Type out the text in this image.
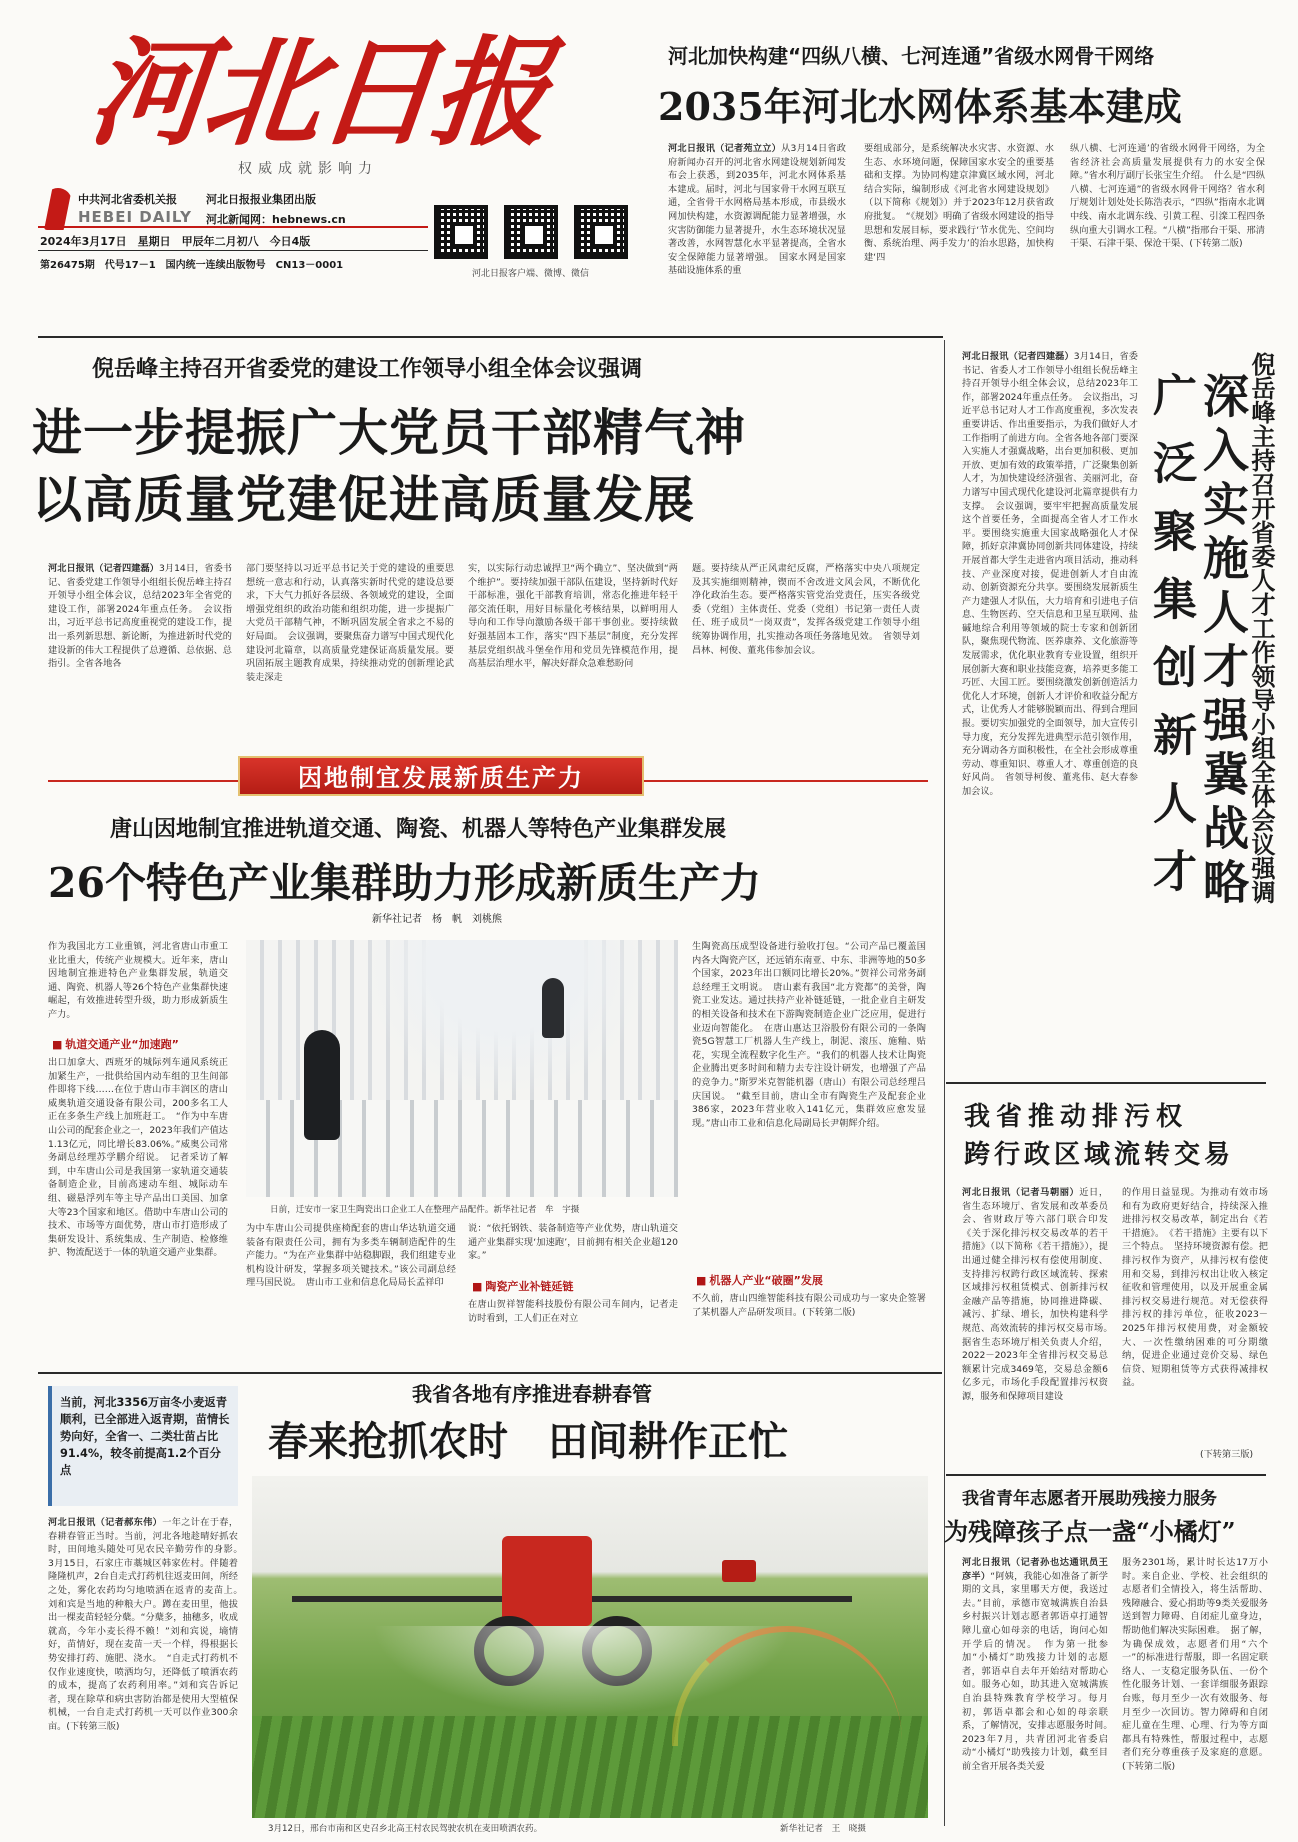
河北日报
权威成就影响力
中共河北省委机关报	河北日报报业集团出版
HEBEI DAILY 河北新闻网：hebnews.cn
2024年3月17日　星期日　甲辰年二月初八　今日4版
第26475期　代号17－1　国内统一连续出版物号　CN13－0001
河北日报客户端、微博、微信
河北加快构建“四纵八横、七河连通”省级水网骨干网络
2035年河北水网体系基本建成
河北日报讯（记者苑立立）从3月14日省政府新闻办召开的河北省水网建设规划新闻发布会上获悉，到2035年，河北水网体系基本建成。届时，河北与国家骨干水网互联互通，全省骨干水网格局基本形成，市县级水网加快构建，水资源调配能力显著增强，水灾害防御能力显著提升，水生态环境状况显著改善，水网智慧化水平显著提高，全省水安全保障能力显著增强。　国家水网是国家基础设施体系的重
要组成部分，是系统解决水灾害、水资源、水生态、水环境问题，保障国家水安全的重要基础和支撑。为协同构建京津冀区域水网，河北结合实际，编制形成《河北省水网建设规划》（以下简称《规划》）并于2023年12月获省政府批复。　“《规划》明确了省级水网建设的指导思想和发展目标，要求践行‘节水优先、空间均衡、系统治理、两手发力’的治水思路，加快构建‘四
纵八横、七河连通’的省级水网骨干网络，为全省经济社会高质量发展提供有力的水安全保障。”省水利厅副厅长张宝生介绍。　什么是“四纵八横、七河连通”的省级水网骨干网络？省水利厅规划计划处处长陈浩表示，“四纵”指南水北调中线、南水北调东线、引黄工程、引滦工程四条纵向重大引调水工程。“八横”指邢台干渠、邢清干渠、石津干渠、保沧干渠、(下转第二版)
倪岳峰主持召开省委党的建设工作领导小组全体会议强调
进一步提振广大党员干部精气神
以高质量党建促进高质量发展
河北日报讯（记者四建磊）3月14日，省委书记、省委党建工作领导小组组长倪岳峰主持召开领导小组全体会议，总结2023年全省党的建设工作，部署2024年重点任务。　会议指出，习近平总书记高度重视党的建设工作，提出一系列新思想、新论断，为推进新时代党的建设新的伟大工程提供了总遵循、总依据、总指引。全省各地各
部门要坚持以习近平总书记关于党的建设的重要思想统一意志和行动，认真落实新时代党的建设总要求，下大气力抓好各层级、各领域党的建设，全面增强党组织的政治功能和组织功能，进一步提振广大党员干部精气神，不断巩固发展全省求之不易的好局面。　会议强调，要聚焦奋力谱写中国式现代化建设河北篇章，以高质量党建保证高质量发展。要巩固拓展主题教育成果，持续推动党的创新理论武装走深走
实，以实际行动忠诚捍卫“两个确立”、坚决做到“两个维护”。要持续加强干部队伍建设，坚持新时代好干部标准，强化干部教育培训，常态化推进年轻干部交流任职，用好目标量化考核结果，以鲜明用人导向和工作导向激励各级干部干事创业。要持续做好强基固本工作，落实“四下基层”制度，充分发挥基层党组织战斗堡垒作用和党员先锋模范作用，提高基层治理水平，解决好群众急难愁盼问
题。要持续从严正风肃纪反腐，严格落实中央八项规定及其实施细则精神，锲而不舍改进文风会风，不断优化净化政治生态。要严格落实管党治党责任，压实各级党委（党组）主体责任、党委（党组）书记第一责任人责任、班子成员“一岗双责”，发挥各级党建工作领导小组统筹协调作用，扎实推动各项任务落地见效。　省领导刘昌林、柯俊、董兆伟参加会议。
河北日报讯（记者四建磊）3月14日，省委书记、省委人才工作领导小组组长倪岳峰主持召开领导小组全体会议，总结2023年工作，部署2024年重点任务。　会议指出，习近平总书记对人才工作高度重视，多次发表重要讲话、作出重要指示，为我们做好人才工作指明了前进方向。全省各地各部门要深入实施人才强冀战略，出台更加积极、更加开放、更加有效的政策举措，广泛聚集创新人才，为加快建设经济强省、美丽河北，奋力谱写中国式现代化建设河北篇章提供有力支撑。　会议强调，要牢牢把握高质量发展这个首要任务，全面提高全省人才工作水平。要围绕实施重大国家战略强化人才保障，抓好京津冀协同创新共同体建设，持续开展首都大学生走进省内项目活动，推动科技、产业深度对接，促进创新人才自由流动、创新资源充分共享。要围绕发展新质生产力建强人才队伍，大力培育和引进电子信息、生物医药、空天信息和卫星互联网、盐碱地综合利用等领域的院士专家和创新团队，聚焦现代物流、医养康养、文化旅游等发展需求，优化职业教育专业设置，组织开展创新大赛和职业技能竞赛，培养更多能工巧匠、大国工匠。要围绕激发创新创造活力优化人才环境，创新人才评价和收益分配方式，让优秀人才能够脱颖而出、得到合理回报。要切实加强党的全面领导，加大宣传引导力度，充分发挥先进典型示范引领作用，充分调动各方面积极性，在全社会形成尊重劳动、尊重知识、尊重人才、尊重创造的良好风尚。　省领导柯俊、董兆伟、赵大春参加会议。	广泛聚集创新人才 深入实施人才强冀战略
倪岳峰主持召开省委人才工作领导小组全体会议强调
因地制宜发展新质生产力
唐山因地制宜推进轨道交通、陶瓷、机器人等特色产业集群发展
26个特色产业集群助力形成新质生产力
新华社记者　杨　帆　刘桃熊
作为我国北方工业重镇，河北省唐山市重工业比重大，传统产业规模大。近年来，唐山因地制宜推进特色产业集群发展，轨道交通、陶瓷、机器人等26个特色产业集群快速崛起，有效推进转型升级，助力形成新质生产力。
■ 轨道交通产业“加速跑”
出口加拿大、西班牙的城际列车通风系统正加紧生产，一批供给国内动车组的卫生间部件即将下线……在位于唐山市丰润区的唐山威奥轨道交通设备有限公司，200多名工人正在多条生产线上加班赶工。　“作为中车唐山公司的配套企业之一，2023年我们产值达1.13亿元，同比增长83.06%。”威奥公司常务副总经理苏学鹏介绍说。　记者采访了解到，中车唐山公司是我国第一家轨道交通装备制造企业，目前高速动车组、城际动车组、磁悬浮列车等主导产品出口美国、加拿大等23个国家和地区。借助中车唐山公司的技术、市场等方面优势，唐山市打造形成了集研发设计、系统集成、生产制造、检修维护、物流配送于一体的轨道交通产业集群。
日前，迁安市一家卫生陶瓷出口企业工人在整理产品配件。新华社记者　牟　宇摄
为中车唐山公司提供座椅配套的唐山华达轨道交通装备有限责任公司，拥有为多类车辆制造配件的生产能力。“为在产业集群中站稳脚跟，我们组建专业机构设计研发，掌握多项关键技术。”该公司副总经理马国民说。　唐山市工业和信息化局局长孟祥印
说：“依托钢铁、装备制造等产业优势，唐山轨道交通产业集群实现‘加速跑’，目前拥有相关企业超120家。”
■ 陶瓷产业补链延链
在唐山贺祥智能科技股份有限公司车间内，记者走访时看到，工人们正在对立
生陶瓷高压成型设备进行验收打包。“公司产品已覆盖国内各大陶瓷产区，还远销东南亚、中东、非洲等地的50多个国家，2023年出口额同比增长20%。”贺祥公司常务副总经理王文明说。　唐山素有我国“北方瓷都”的美誉，陶瓷工业发达。通过扶持产业补链延链，一批企业自主研发的相关设备和技术在下游陶瓷制造企业广泛应用，促进行业迈向智能化。　在唐山惠达卫浴股份有限公司的一条陶瓷5G智慧工厂机器人生产线上，制泥、滚压、施釉、贴花，实现全流程数字化生产。“我们的机器人技术让陶瓷企业腾出更多时间和精力去专注设计研发，也增强了产品的竞争力。”斯罗米克智能机器（唐山）有限公司总经理吕庆国说。　“截至目前，唐山全市有陶瓷生产及配套企业386家，2023年营业收入141亿元，集群效应愈发显现。”唐山市工业和信息化局副局长尹朝辉介绍。
■ 机器人产业“破圈”发展
不久前，唐山四维智能科技有限公司成功与一家央企签署了某机器人产品研发项目。(下转第二版)
我省推动排污权
跨行政区域流转交易
河北日报讯（记者马朝丽）近日，省生态环境厅、省发展和改革委员会、省财政厅等六部门联合印发《关于深化排污权交易改革的若干措施》（以下简称《若干措施》），提出通过健全排污权有偿使用制度、支持排污权跨行政区域流转、探索区域排污权租赁模式、创新排污权金融产品等措施，协同推进降碳、减污、扩绿、增长，加快构建科学规范、高效流转的排污权交易市场。　据省生态环境厅相关负责人介绍，2022－2023年全省排污权交易总额累计完成3469笔，交易总金额6亿多元，市场化手段配置排污权资源，服务和保障项目建设
的作用日益显现。为推动有效市场和有为政府更好结合，持续深入推进排污权交易改革，制定出台《若干措施》。　《若干措施》主要有以下三个特点。　坚持环境资源有偿。把排污权作为资产，从排污权有偿使用和交易，到排污权出让收入核定征收和管理使用，以及开展重金属排污权交易进行规范。对无偿获得排污权的排污单位，征收2023－2025年排污权使用费，对金额较大、一次性缴纳困难的可分期缴纳，促进企业通过竞价交易、绿色信贷、短期租赁等方式获得减排权益。
(下转第三版)
我省各地有序推进春耕春管
春来抢抓农时　田间耕作正忙
当前，河北3356万亩冬小麦返青顺利，已全部进入返青期，苗情长势向好，全省一、二类壮苗占比91.4%，较冬前提高1.2个百分点
河北日报讯（记者郝东伟）一年之计在于春，春耕春管正当时。当前，河北各地趁晴好抓农时，田间地头随处可见农民辛勤劳作的身影。　3月15日，石家庄市藁城区韩家佐村。伴随着隆隆机声，2台自走式打药机往返麦田间，所经之处，雾化农药均匀地喷洒在返青的麦苗上。　刘和宾是当地的种粮大户。蹲在麦田里，他拔出一棵麦苗轻轻分蘖。“分蘖多，抽穗多，收成就高，今年小麦长得不赖！”刘和宾说，墒情好，苗情好，现在麦苗一天一个样，得根据长势安排打药、施肥、浇水。　“自走式打药机不仅作业速度快，喷洒均匀，还降低了喷洒农药的成本，提高了农药利用率。”刘和宾告诉记者，现在除草和病虫害防治都是使用大型植保机械，一台自走式打药机一天可以作业300余亩。(下转第三版)
3月12日，邢台市南和区史召乡北高王村农民驾驶农机在麦田喷洒农药。	新华社记者　王　晓摄
我省青年志愿者开展助残接力服务
为残障孩子点一盏“小橘灯”
河北日报讯（记者孙也达通讯员王彦半）“阿姨，我能心如准备了新学期的文具，家里哪天方便，我送过去。”目前，承德市宽城满族自治县乡村振兴计划志愿者郭语卓打通智障儿童心如母亲的电话，询问心如开学后的情况。　作为第一批参加“小橘灯”助残接力计划的志愿者，郭语卓自去年开始结对帮助心如。服务心如，助其进入宽城满族自治县特殊教育学校学习。每月初，郭语卓都会和心如的母亲联系，了解情况，安排志愿服务时间。　2023年7月，共青团河北省委启动“小橘灯”助残接力计划，截至目前全省开展各类关爱
服务2301场，累计时长达17万小时。来自企业、学校、社会组织的志愿者们全情投入，将生活帮助、残障融合、爱心捐助等9类关爱服务送到智力障碍、自闭症儿童身边，帮助他们解决实际困难。　据了解，为确保成效，志愿者们用“六个一”的标准进行帮服，即一名固定联络人、一支稳定服务队伍、一份个性化服务计划、一套详细服务跟踪台账，每月至少一次有效服务、每月至少一次回访。智力障碍和自闭症儿童在生理、心理、行为等方面都具有特殊性，帮服过程中，志愿者们充分尊重孩子及家庭的意愿。(下转第二版)
